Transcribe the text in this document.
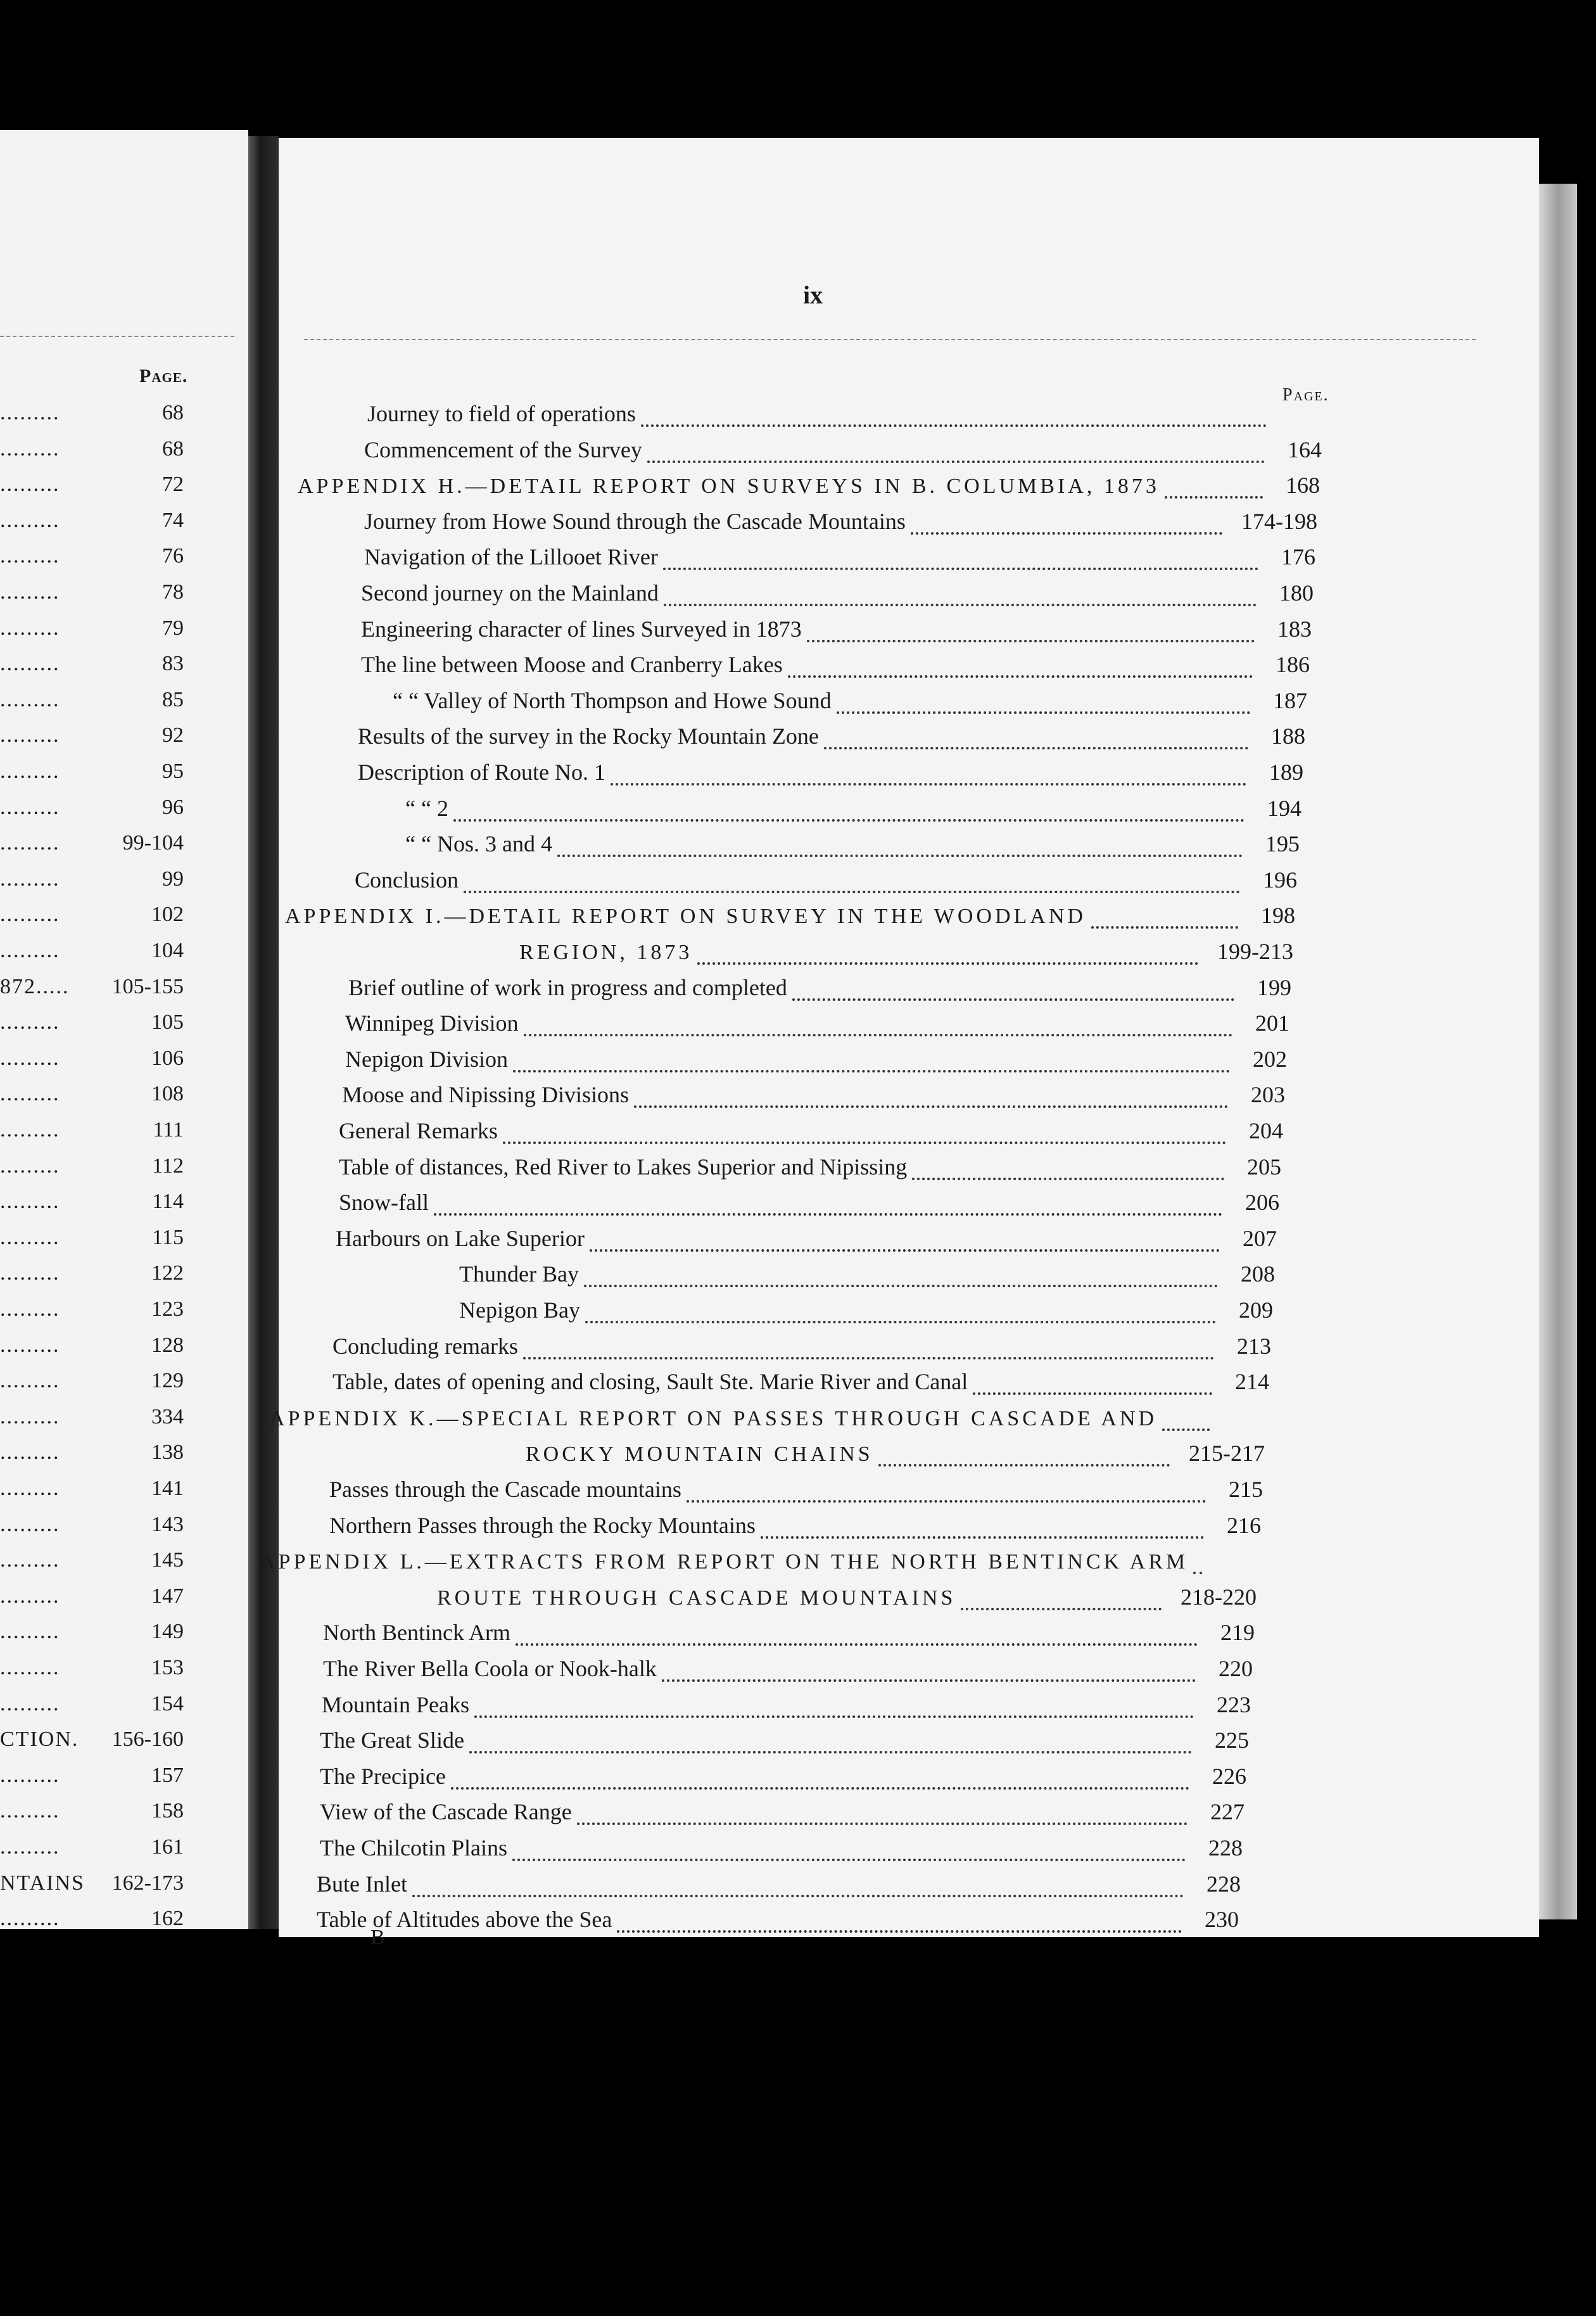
Page.
.........	68
.........	68
.........	72
.........	74
.........	76
.........	78
.........	79
.........	83
.........	85
.........	92
.........	95
.........	96
.........	99-104
.........	99
.........	102
.........	104
872.....	105-155
.........	105
.........	106
.........	108
.........	111
.........	112
.........	114
.........	115
.........	122
.........	123
.........	128
.........	129
.........	334
.........	138
.........	141
.........	143
.........	145
.........	147
.........	149
.........	153
.........	154
CTION.	156-160
.........	157
.........	158
.........	161
NTAINS	162-173
.........	162
ix
Page.
Journey to field of operations
Commencement of the Survey	164
APPENDIX H.—DETAIL REPORT ON SURVEYS IN B. COLUMBIA, 1873	168
Journey from Howe Sound through the Cascade Mountains	174-198
Navigation of the Lillooet River	176
Second journey on the Mainland	180
Engineering character of lines Surveyed in 1873	183
The line between Moose and Cranberry Lakes	186
“ “ Valley of North Thompson and Howe Sound	187
Results of the survey in the Rocky Mountain Zone	188
Description of Route No. 1	189
“ “ 2	194
“ “ Nos. 3 and 4	195
Conclusion	196
APPENDIX I.—DETAIL REPORT ON SURVEY IN THE WOODLAND	198
REGION, 1873	199-213
Brief outline of work in progress and completed	199
Winnipeg Division	201
Nepigon Division	202
Moose and Nipissing Divisions	203
General Remarks	204
Table of distances, Red River to Lakes Superior and Nipissing	205
Snow-fall	206
Harbours on Lake Superior	207
Thunder Bay	208
Nepigon Bay	209
Concluding remarks	213
Table, dates of opening and closing, Sault Ste. Marie River and Canal	214
APPENDIX K.—SPECIAL REPORT ON PASSES THROUGH CASCADE AND
ROCKY MOUNTAIN CHAINS	215-217
Passes through the Cascade mountains	215
Northern Passes through the Rocky Mountains	216
APPENDIX L.—EXTRACTS FROM REPORT ON THE NORTH BENTINCK ARM
ROUTE THROUGH CASCADE MOUNTAINS	218-220
North Bentinck Arm	219
The River Bella Coola or Nook-halk	220
Mountain Peaks	223
The Great Slide	225
The Precipice	226
View of the Cascade Range	227
The Chilcotin Plains	228
Bute Inlet	228
Table of Altitudes above the Sea	230
B
